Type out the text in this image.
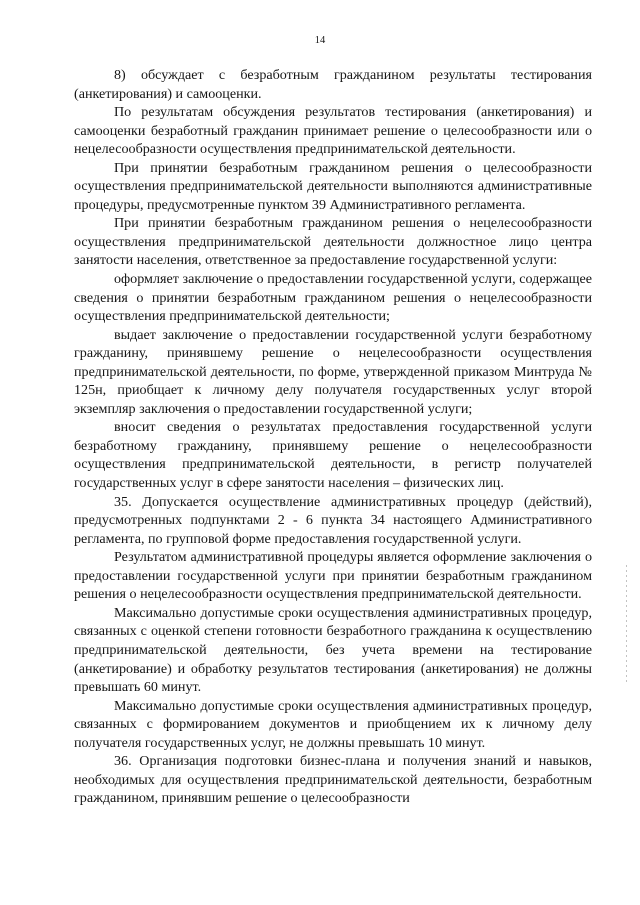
14

8) обсуждает с безработным гражданином результаты тестирования (анкетирования) и самооценки.

По результатам обсуждения результатов тестирования (анкетирования) и самооценки безработный гражданин принимает решение о целесообразности или о нецелесообразности осуществления предпринимательской деятельности.

При принятии безработным гражданином решения о целесообразности осуществления предпринимательской деятельности выполняются административные процедуры, предусмотренные пунктом 39 Административного регламента.

При принятии безработным гражданином решения о нецелесообразности осуществления предпринимательской деятельности должностное лицо центра занятости населения, ответственное за предоставление государственной услуги:

оформляет заключение о предоставлении государственной услуги, содержащее сведения о принятии безработным гражданином решения о нецелесообразности осуществления предпринимательской деятельности;

выдает заключение о предоставлении государственной услуги безработному гражданину, принявшему решение о нецелесообразности осуществления предпринимательской деятельности, по форме, утвержденной приказом Минтруда № 125н, приобщает к личному делу получателя государственных услуг второй экземпляр заключения о предоставлении государственной услуги;

вносит сведения о результатах предоставления государственной услуги безработному гражданину, принявшему решение о нецелесообразности осуществления предпринимательской деятельности, в регистр получателей государственных услуг в сфере занятости населения – физических лиц.

35. Допускается осуществление административных процедур (действий), предусмотренных подпунктами 2 - 6 пункта 34 настоящего Административного регламента, по групповой форме предоставления государственной услуги.

Результатом административной процедуры является оформление заключения о предоставлении государственной услуги при принятии безработным гражданином решения о нецелесообразности осуществления предпринимательской деятельности.

Максимально допустимые сроки осуществления административных процедур, связанных с оценкой степени готовности безработного гражданина к осуществлению предпринимательской деятельности, без учета времени на тестирование (анкетирование) и обработку результатов тестирования (анкетирования) не должны превышать 60 минут.

Максимально допустимые сроки осуществления административных процедур, связанных с формированием документов и приобщением их к личному делу получателя государственных услуг, не должны превышать 10 минут.

36. Организация подготовки бизнес-плана и получения знаний и навыков, необходимых для осуществления предпринимательской деятельности, безработным гражданином, принявшим решение о целесообразности
